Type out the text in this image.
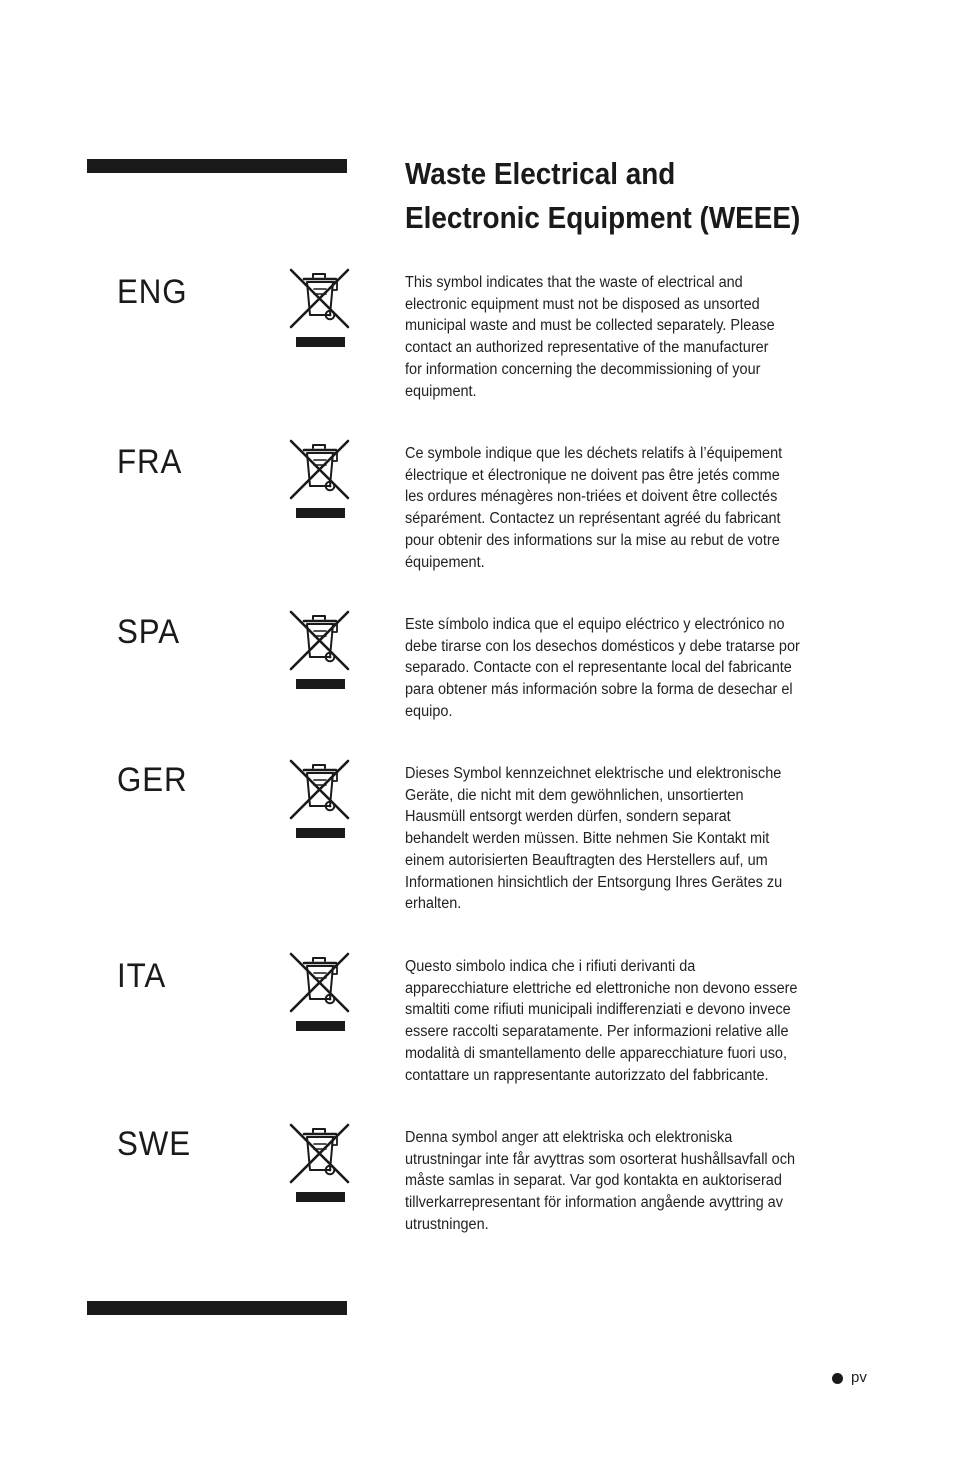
Waste Electrical and
Electronic Equipment (WEEE)
ENG	This symbol indicates that the waste of electrical and
electronic equipment must not be disposed as unsorted
municipal waste and must be collected separately. Please
contact an authorized representative of the manufacturer
for information concerning the decommissioning of your
equipment.
FRA	Ce symbole indique que les déchets relatifs à l’équipement
électrique et électronique ne doivent pas être jetés comme
les ordures ménagères non-triées et doivent être collectés
séparément. Contactez un représentant agréé du fabricant
pour obtenir des informations sur la mise au rebut de votre
équipement.
SPA	Este símbolo indica que el equipo eléctrico y electrónico no
debe tirarse con los desechos domésticos y debe tratarse por
separado. Contacte con el representante local del fabricante
para obtener más información sobre la forma de desechar el
equipo.
GER	Dieses Symbol kennzeichnet elektrische und elektronische
Geräte, die nicht mit dem gewöhnlichen, unsortierten
Hausmüll entsorgt werden dürfen, sondern separat
behandelt werden müssen. Bitte nehmen Sie Kontakt mit
einem autorisierten Beauftragten des Herstellers auf, um
Informationen hinsichtlich der Entsorgung Ihres Gerätes zu
erhalten.
ITA	Questo simbolo indica che i rifiuti derivanti da
apparecchiature elettriche ed elettroniche non devono essere
smaltiti come rifiuti municipali indifferenziati e devono invece
essere raccolti separatamente. Per informazioni relative alle
modalità di smantellamento delle apparecchiature fuori uso,
contattare un rappresentante autorizzato del fabbricante.
SWE	Denna symbol anger att elektriska och elektroniska
utrustningar inte får avyttras som osorterat hushållsavfall och
måste samlas in separat. Var god kontakta en auktoriserad
tillverkarrepresentant för information angående avyttring av
utrustningen.
pv
